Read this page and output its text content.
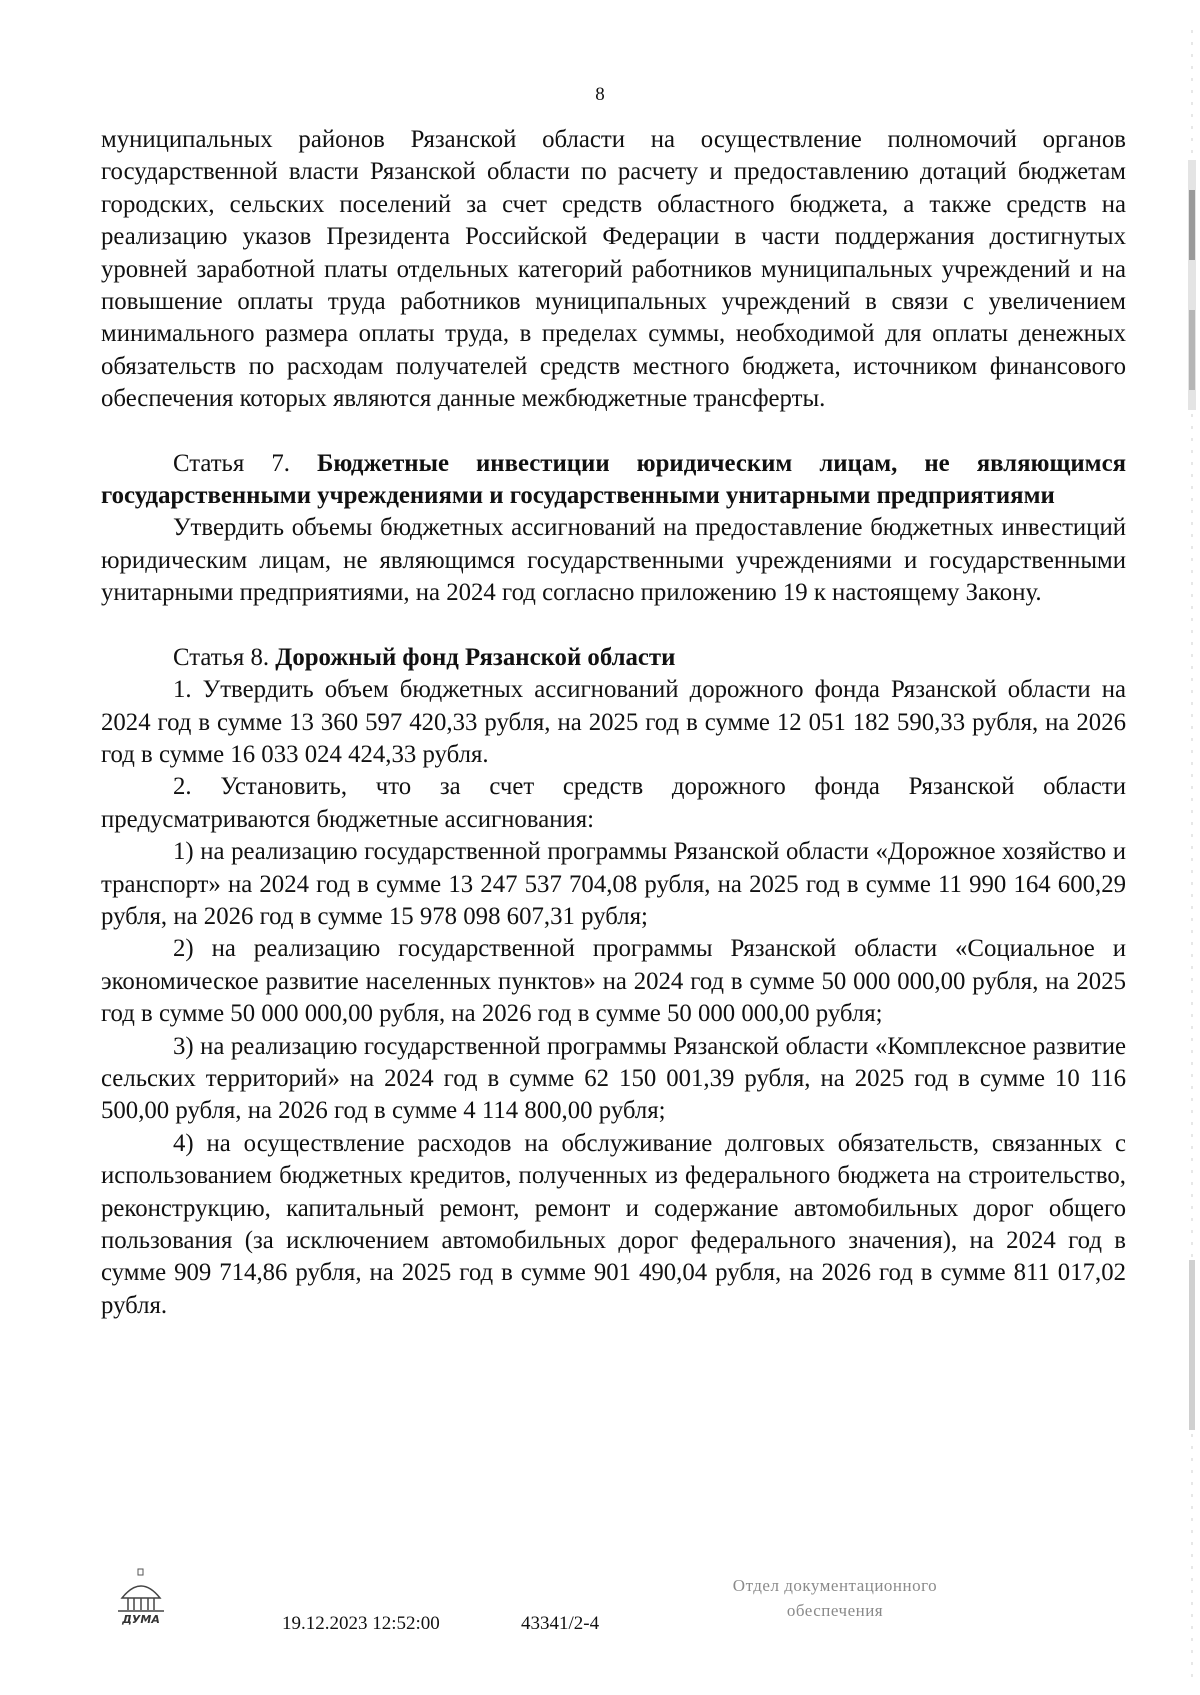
8

муниципальных районов Рязанской области на осуществление полномочий органов государственной власти Рязанской области по расчету и предоставлению дотаций бюджетам городских, сельских поселений за счет средств областного бюджета, а также средств на реализацию указов Президента Российской Федерации в части поддержания достигнутых уровней заработной платы отдельных категорий работников муниципальных учреждений и на повышение оплаты труда работников муниципальных учреждений в связи с увеличением минимального размера оплаты труда, в пределах суммы, необходимой для оплаты денежных обязательств по расходам получателей средств местного бюджета, источником финансового обеспечения которых являются данные межбюджетные трансферты.

Статья 7. Бюджетные инвестиции юридическим лицам, не являющимся государственными учреждениями и государственными унитарными предприятиями

Утвердить объемы бюджетных ассигнований на предоставление бюджетных инвестиций юридическим лицам, не являющимся государственными учреждениями и государственными унитарными предприятиями, на 2024 год согласно приложению 19 к настоящему Закону.

Статья 8. Дорожный фонд Рязанской области

1. Утвердить объем бюджетных ассигнований дорожного фонда Рязанской области на 2024 год в сумме 13 360 597 420,33 рубля, на 2025 год в сумме 12 051 182 590,33 рубля, на 2026 год в сумме 16 033 024 424,33 рубля.

2. Установить, что за счет средств дорожного фонда Рязанской области предусматриваются бюджетные ассигнования:

1) на реализацию государственной программы Рязанской области «Дорожное хозяйство и транспорт» на 2024 год в сумме 13 247 537 704,08 рубля, на 2025 год в сумме 11 990 164 600,29 рубля, на 2026 год в сумме 15 978 098 607,31 рубля;

2) на реализацию государственной программы Рязанской области «Социальное и экономическое развитие населенных пунктов» на 2024 год в сумме 50 000 000,00 рубля, на 2025 год в сумме 50 000 000,00 рубля, на 2026 год в сумме 50 000 000,00 рубля;

3) на реализацию государственной программы Рязанской области «Комплексное развитие сельских территорий» на 2024 год в сумме 62 150 001,39 рубля, на 2025 год в сумме 10 116 500,00 рубля, на 2026 год в сумме 4 114 800,00 рубля;

4) на осуществление расходов на обслуживание долговых обязательств, связанных с использованием бюджетных кредитов, полученных из федерального бюджета на строительство, реконструкцию, капитальный ремонт, ремонт и содержание автомобильных дорог общего пользования (за исключением автомобильных дорог федерального значения), на 2024 год в сумме 909 714,86 рубля, на 2025 год в сумме 901 490,04 рубля, на 2026 год в сумме 811 017,02 рубля.

ДУМА	19.12.2023 12:52:00	43341/2-4
Отдел документационного
обеспечения
